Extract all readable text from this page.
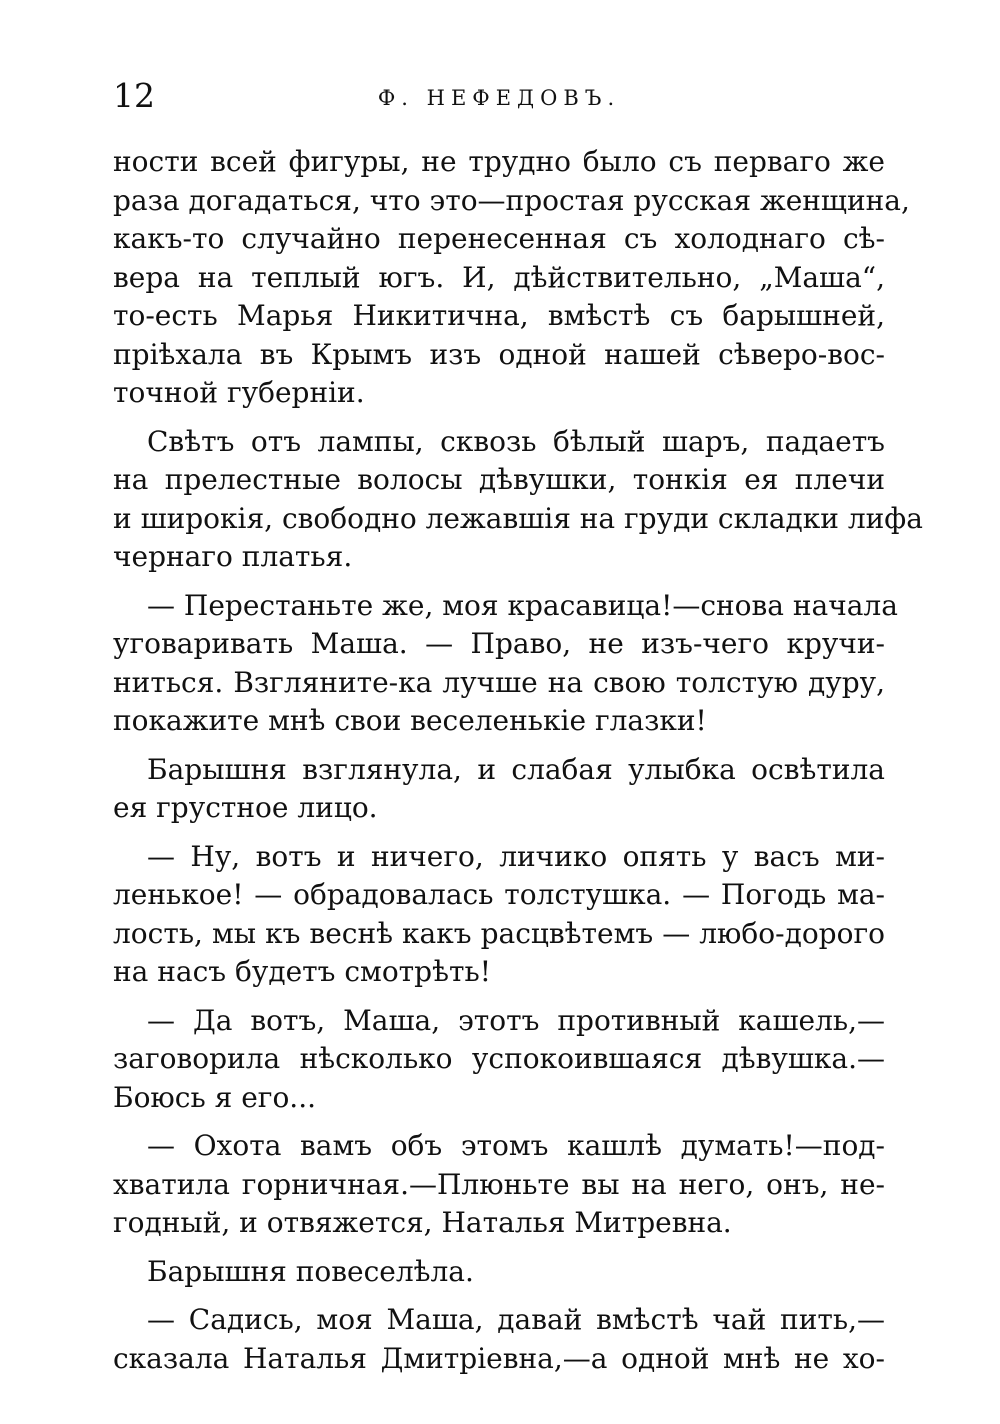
12	Ф. НЕФЕДОВЪ.

ности всей фигуры, не трудно было съ перваго же
раза догадаться, что это—простая русская женщина,
какъ-то случайно перенесенная съ холоднаго сѣ-
вера на теплый югъ. И, дѣйствительно, „Маша“,
то-есть Марья Никитична, вмѣстѣ съ барышней,
прiѣхала въ Крымъ изъ одной нашей сѣверо-вос-
точной губернiи.

Свѣтъ отъ лампы, сквозь бѣлый шаръ, падаетъ
на прелестные волосы дѣвушки, тонкiя ея плечи
и широкiя, свободно лежавшiя на груди складки лифа
чернаго платья.

— Перестаньте же, моя красавица!—снова начала
уговаривать Маша. — Право, не изъ-чего кручи-
ниться. Взгляните-ка лучше на свою толстую дуру,
покажите мнѣ свои веселенькiе глазки!

Барышня взглянула, и слабая улыбка освѣтила
ея грустное лицо.

— Ну, вотъ и ничего, личико опять у васъ ми-
ленькое! — обрадовалась толстушка. — Погодь ма-
лость, мы къ веснѣ какъ расцвѣтемъ — любо-дорого
на насъ будетъ смотрѣть!

— Да вотъ, Маша, этотъ противный кашель,—
заговорила нѣсколько успокоившаяся дѣвушка.—
Боюсь я его...

— Охота вамъ объ этомъ кашлѣ думать!—под-
хватила горничная.—Плюньте вы на него, онъ, не-
годный, и отвяжется, Наталья Митревна.

Барышня повеселѣла.

— Садись, моя Маша, давай вмѣстѣ чай пить,—
сказала Наталья Дмитрiевна,—а одной мнѣ не хо-
